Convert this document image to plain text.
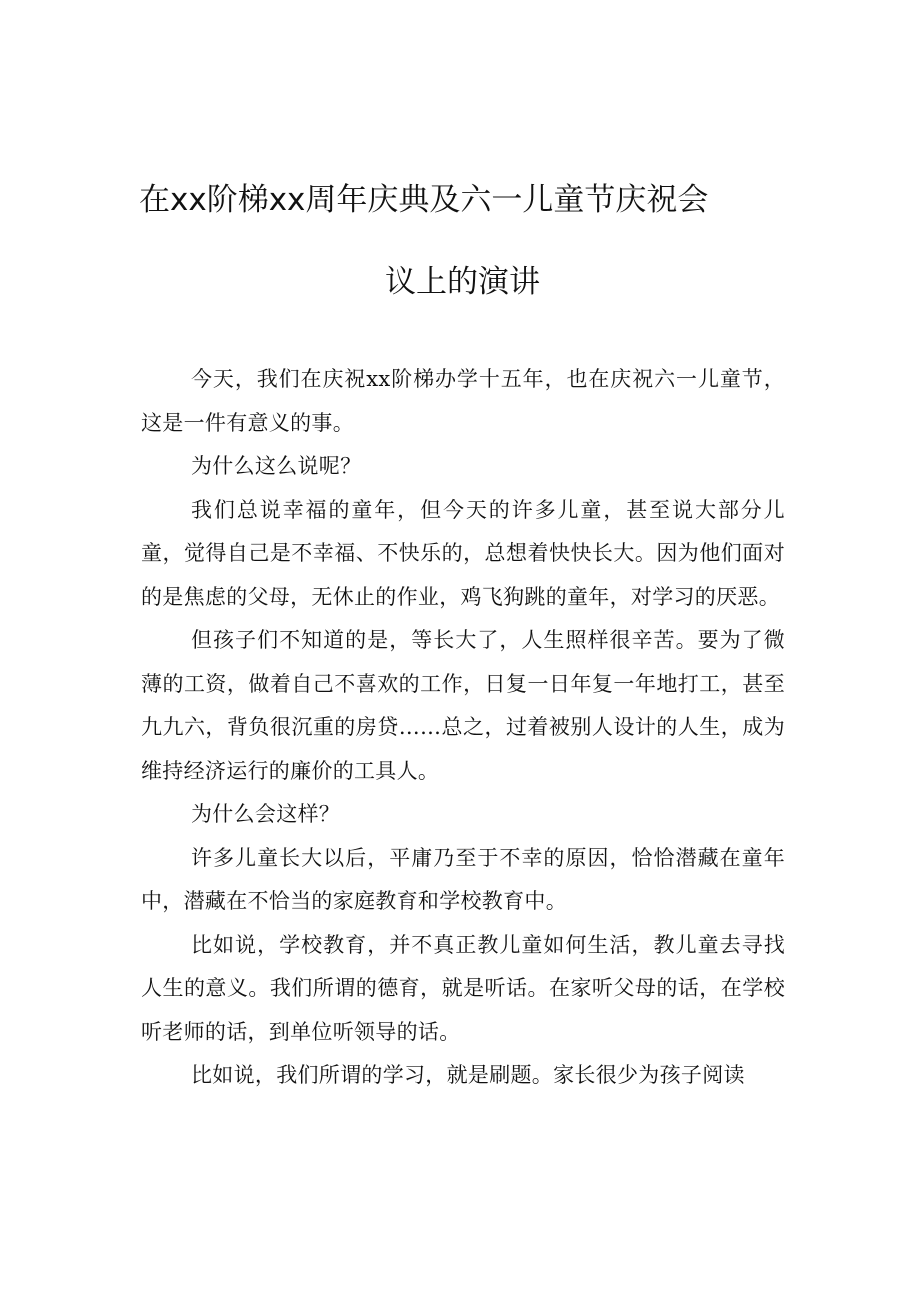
在xx阶梯xx周年庆典及六一儿童节庆祝会
议上的演讲

今天，我们在庆祝xx阶梯办学十五年，也在庆祝六一儿童节，这是一件有意义的事。

为什么这么说呢？

我们总说幸福的童年，但今天的许多儿童，甚至说大部分儿童，觉得自己是不幸福、不快乐的，总想着快快长大。因为他们面对的是焦虑的父母，无休止的作业，鸡飞狗跳的童年，对学习的厌恶。

但孩子们不知道的是，等长大了，人生照样很辛苦。要为了微薄的工资，做着自己不喜欢的工作，日复一日年复一年地打工，甚至九九六，背负很沉重的房贷……总之，过着被别人设计的人生，成为维持经济运行的廉价的工具人。

为什么会这样？

许多儿童长大以后，平庸乃至于不幸的原因，恰恰潜藏在童年中，潜藏在不恰当的家庭教育和学校教育中。

比如说，学校教育，并不真正教儿童如何生活，教儿童去寻找人生的意义。我们所谓的德育，就是听话。在家听父母的话，在学校听老师的话，到单位听领导的话。

比如说，我们所谓的学习，就是刷题。家长很少为孩子阅读
